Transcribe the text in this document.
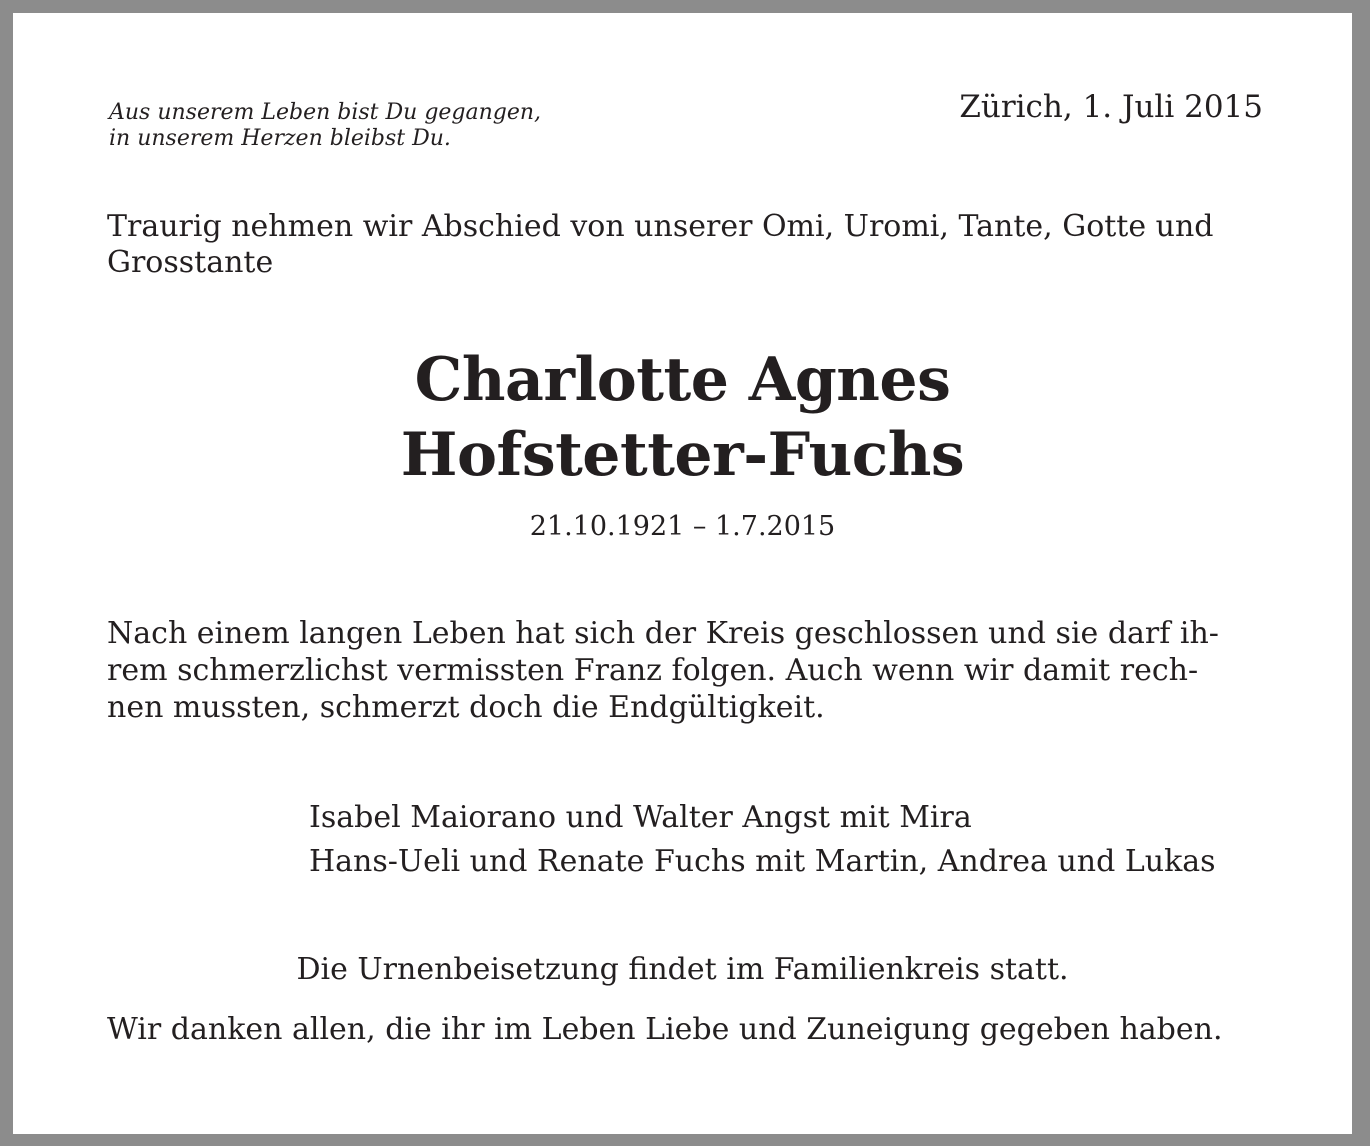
Aus unserem Leben bist Du gegangen,
in unserem Herzen bleibst Du.
Zürich, 1. Juli 2015
Traurig nehmen wir Abschied von unserer Omi, Uromi, Tante, Gotte und
Grosstante
Charlotte Agnes
Hofstetter-Fuchs
21.10.1921 – 1.7.2015
Nach einem langen Leben hat sich der Kreis geschlossen und sie darf ih-
rem schmerzlichst vermissten Franz folgen. Auch wenn wir damit rech-
nen mussten, schmerzt doch die Endgültigkeit.
Isabel Maiorano und Walter Angst mit Mira
Hans-Ueli und Renate Fuchs mit Martin, Andrea und Lukas
Die Urnenbeisetzung findet im Familienkreis statt.
Wir danken allen, die ihr im Leben Liebe und Zuneigung gegeben haben.
